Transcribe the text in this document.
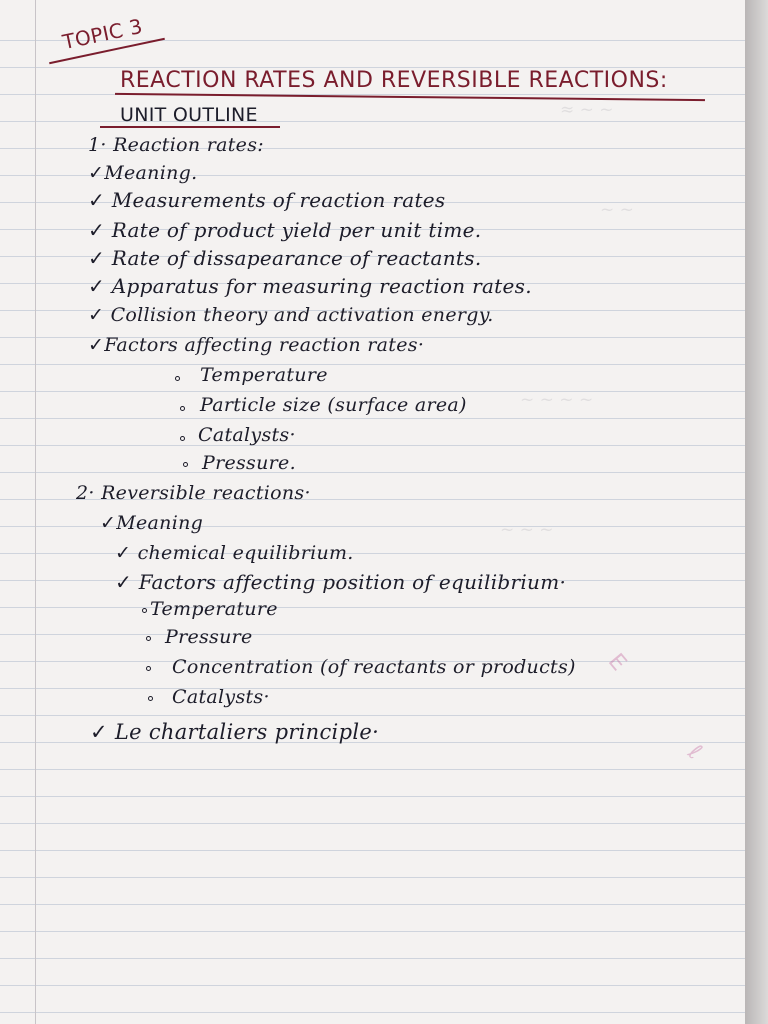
≈ ~ ~
~ ~
~ ~ ~ ~
~ ~ ~
E
ℓ
TOPIC 3
REACTION RATES AND REVERSIBLE REACTIONS:
UNIT OUTLINE
1· Reaction rates:
✓Meaning.
✓ Measurements of reaction rates
✓ Rate of product yield per unit time.
✓ Rate of dissapearance of reactants.
✓ Apparatus for measuring reaction rates.
✓ Collision theory and activation energy.
✓Factors affecting reaction rates·
Temperature
Particle size (surface area)
Catalysts·
Pressure.
2· Reversible reactions·
✓Meaning
✓ chemical equilibrium.
✓ Factors affecting position of equilibrium·
Temperature
Pressure
Concentration (of reactants or products)
Catalysts·
✓ Le chartaliers principle·
